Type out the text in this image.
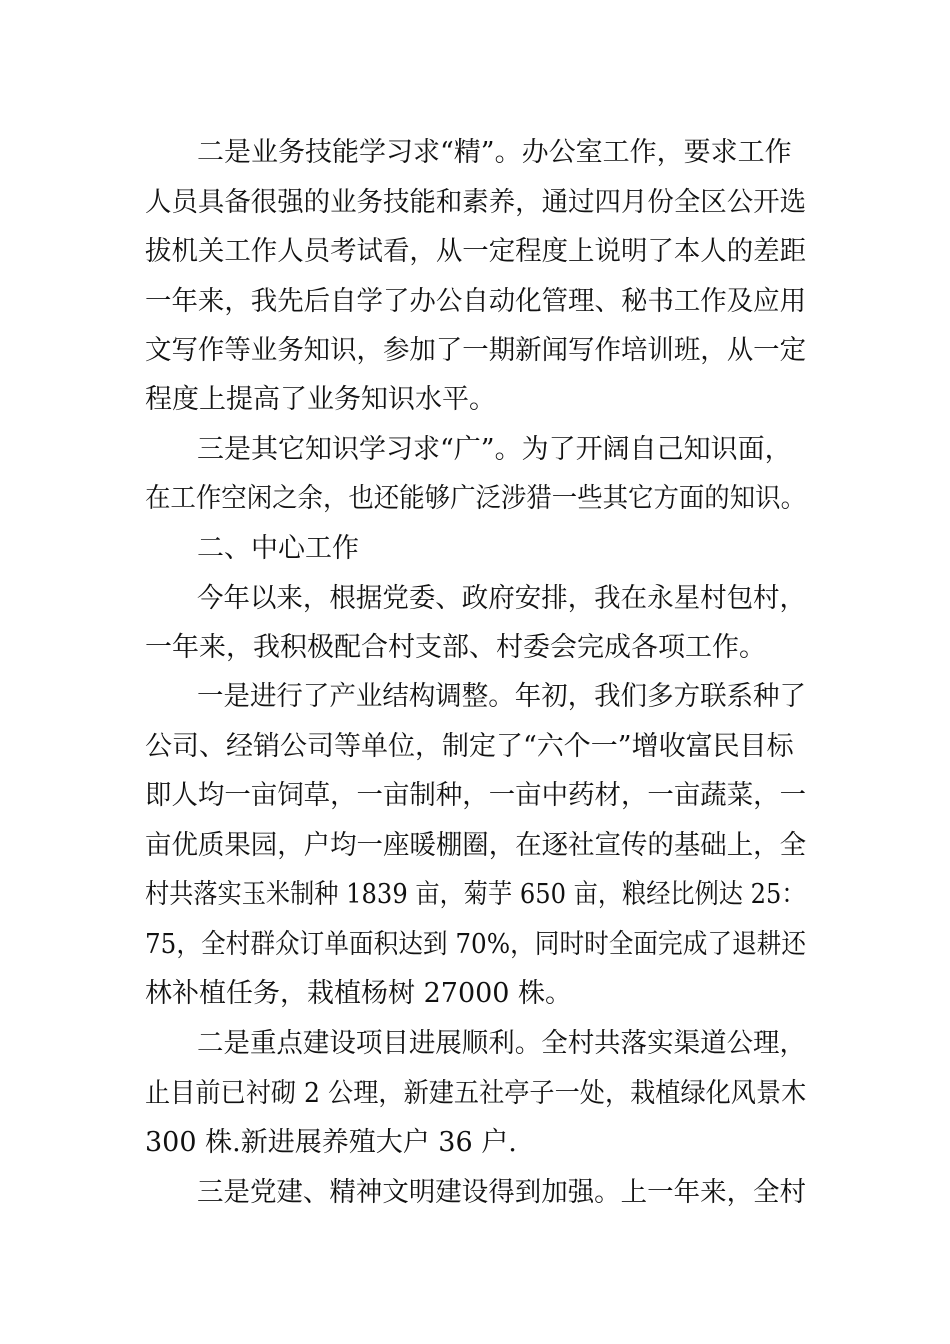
二是业务技能学习求“精”。办公室工作，要求工作
人员具备很强的业务技能和素养，通过四月份全区公开选
拔机关工作人员考试看，从一定程度上说明了本人的差距
一年来，我先后自学了办公自动化管理、秘书工作及应用
文写作等业务知识，参加了一期新闻写作培训班，从一定
程度上提高了业务知识水平。
三是其它知识学习求“广”。为了开阔自己知识面，
在工作空闲之余，也还能够广泛涉猎一些其它方面的知识。
二、中心工作
今年以来，根据党委、政府安排，我在永星村包村，
一年来，我积极配合村支部、村委会完成各项工作。
一是进行了产业结构调整。年初，我们多方联系种了
公司、经销公司等单位，制定了“六个一”增收富民目标
即人均一亩饲草，一亩制种，一亩中药材，一亩蔬菜，一
亩优质果园，户均一座暖棚圈，在逐社宣传的基础上，全
村共落实玉米制种 1839 亩，菊芋 650 亩，粮经比例达 25：
75，全村群众订单面积达到 70%，同时时全面完成了退耕还
林补植任务，栽植杨树 27000 株。
二是重点建设项目进展顺利。全村共落实渠道公理，
止目前已衬砌 2 公理，新建五社亭子一处，栽植绿化风景木
300 株.新进展养殖大户 36 户.
三是党建、精神文明建设得到加强。上一年来，全村
